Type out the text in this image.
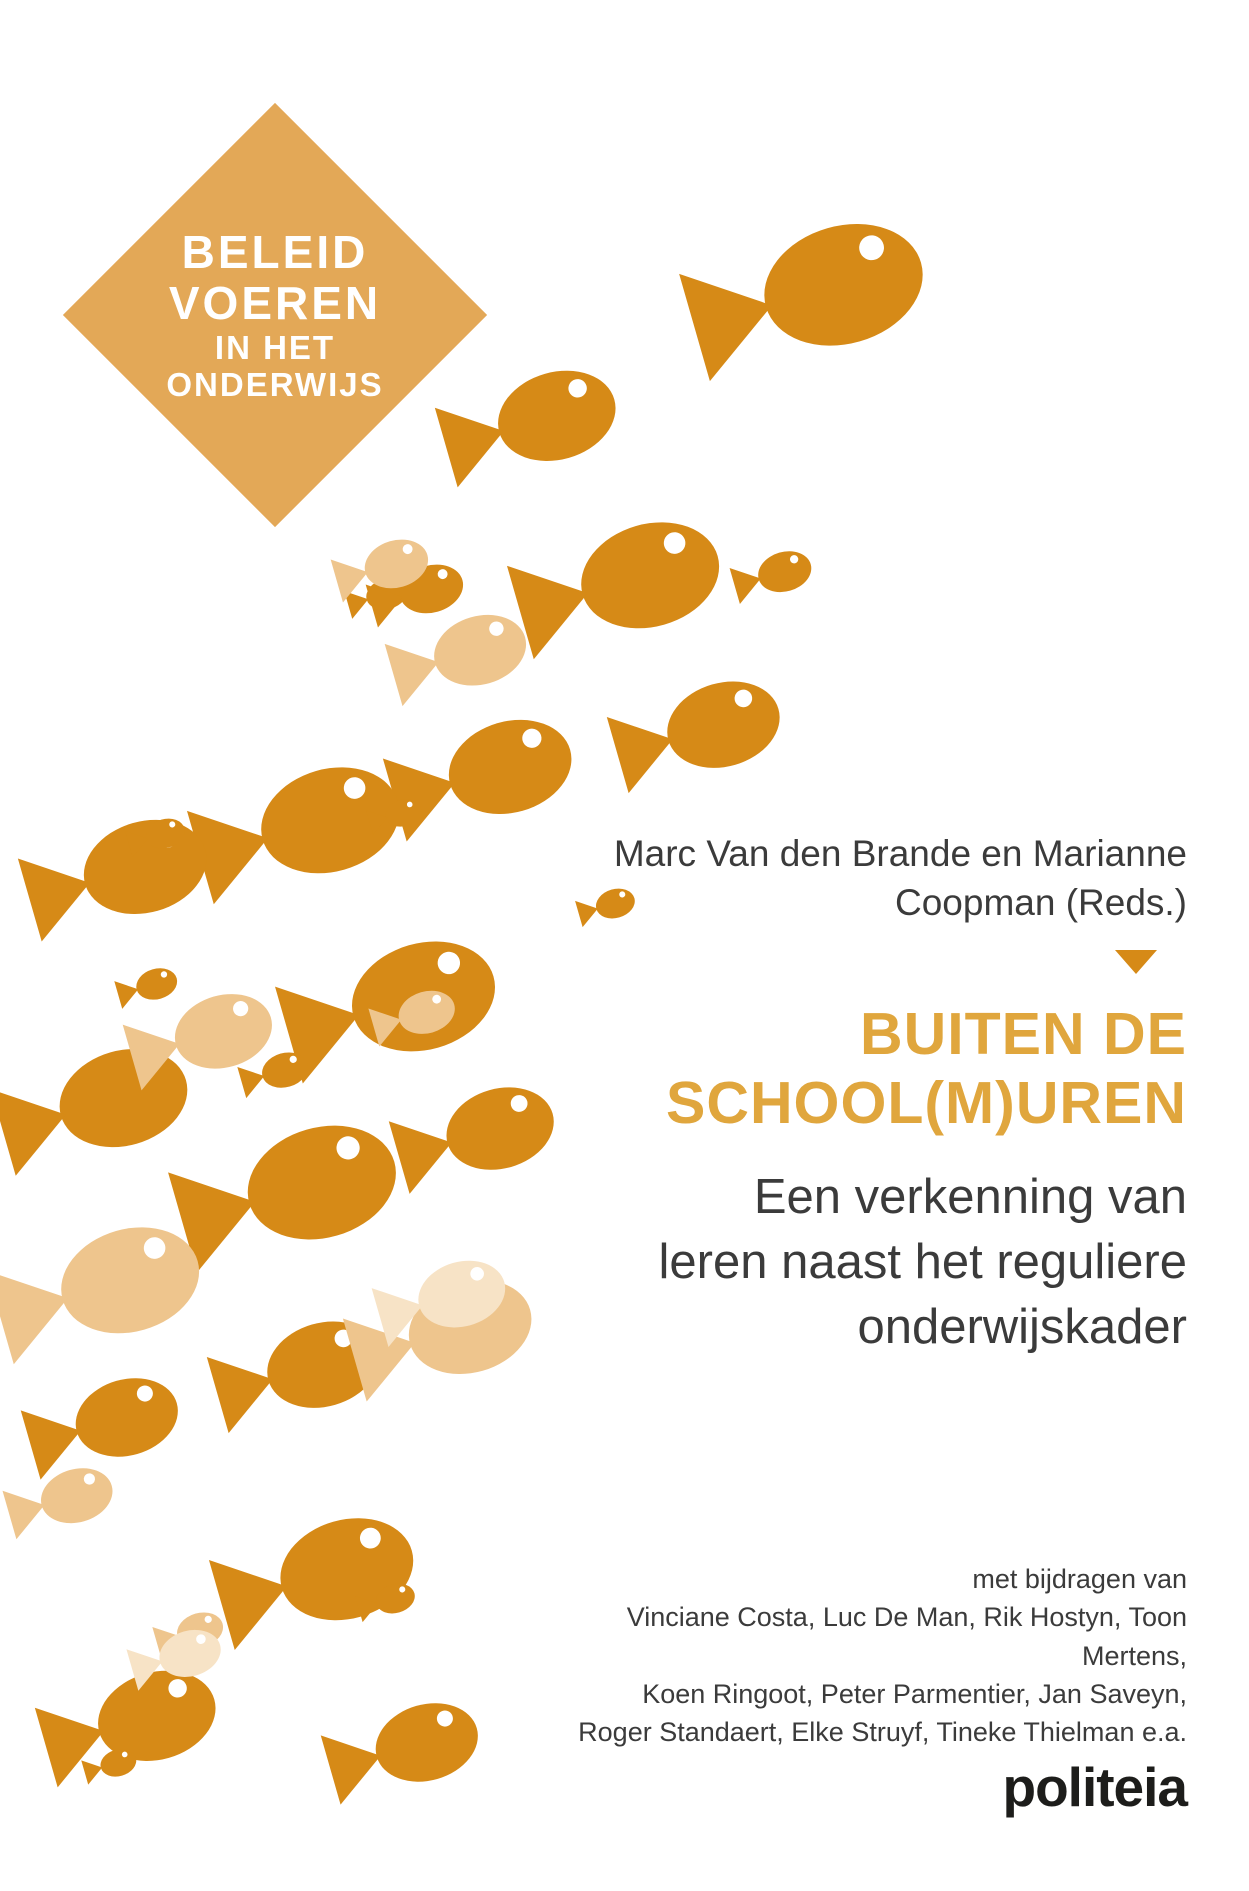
BELEID
VOEREN
IN HET
ONDERWIJS

Marc Van den Brande en Marianne Coopman (Reds.)

BUITEN DE
SCHOOL(M)UREN

Een verkenning van
leren naast het reguliere
onderwijskader

met bijdragen van
Vinciane Costa, Luc De Man, Rik Hostyn, Toon Mertens,
Koen Ringoot, Peter Parmentier, Jan Saveyn,
Roger Standaert, Elke Struyf, Tineke Thielman e.a.
politeia
